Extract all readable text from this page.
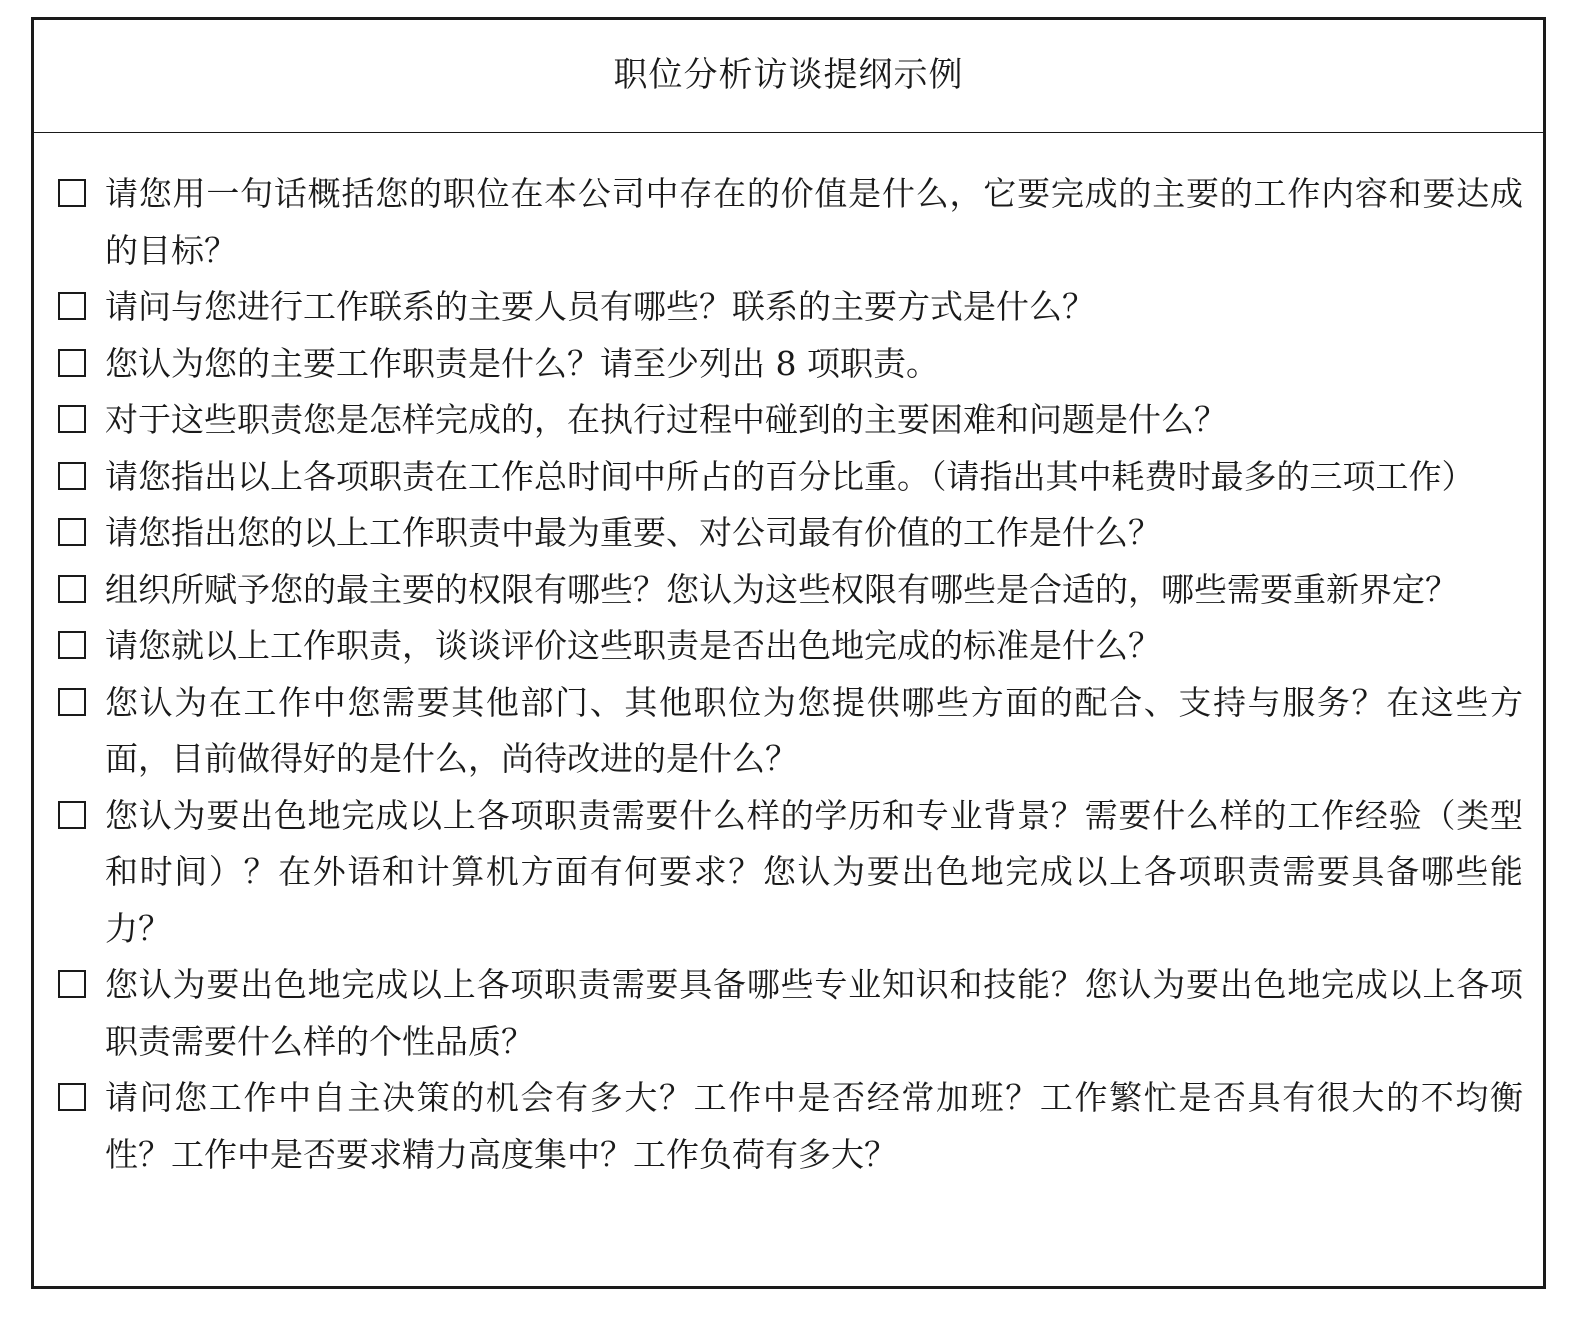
职位分析访谈提纲示例
请您用一句话概括您的职位在本公司中存在的价值是什么，它要完成的主要的工作内容和要达成的目标？
请问与您进行工作联系的主要人员有哪些？联系的主要方式是什么？
您认为您的主要工作职责是什么？请至少列出 8 项职责。
对于这些职责您是怎样完成的，在执行过程中碰到的主要困难和问题是什么？
请您指出以上各项职责在工作总时间中所占的百分比重。（请指出其中耗费时最多的三项工作）
请您指出您的以上工作职责中最为重要、对公司最有价值的工作是什么？
组织所赋予您的最主要的权限有哪些？您认为这些权限有哪些是合适的，哪些需要重新界定？
请您就以上工作职责，谈谈评价这些职责是否出色地完成的标准是什么？
您认为在工作中您需要其他部门、其他职位为您提供哪些方面的配合、支持与服务？在这些方面，目前做得好的是什么，尚待改进的是什么？
您认为要出色地完成以上各项职责需要什么样的学历和专业背景？需要什么样的工作经验（类型和时间）？在外语和计算机方面有何要求？您认为要出色地完成以上各项职责需要具备哪些能力？
您认为要出色地完成以上各项职责需要具备哪些专业知识和技能？您认为要出色地完成以上各项职责需要什么样的个性品质？
请问您工作中自主决策的机会有多大？工作中是否经常加班？工作繁忙是否具有很大的不均衡性？工作中是否要求精力高度集中？工作负荷有多大？
